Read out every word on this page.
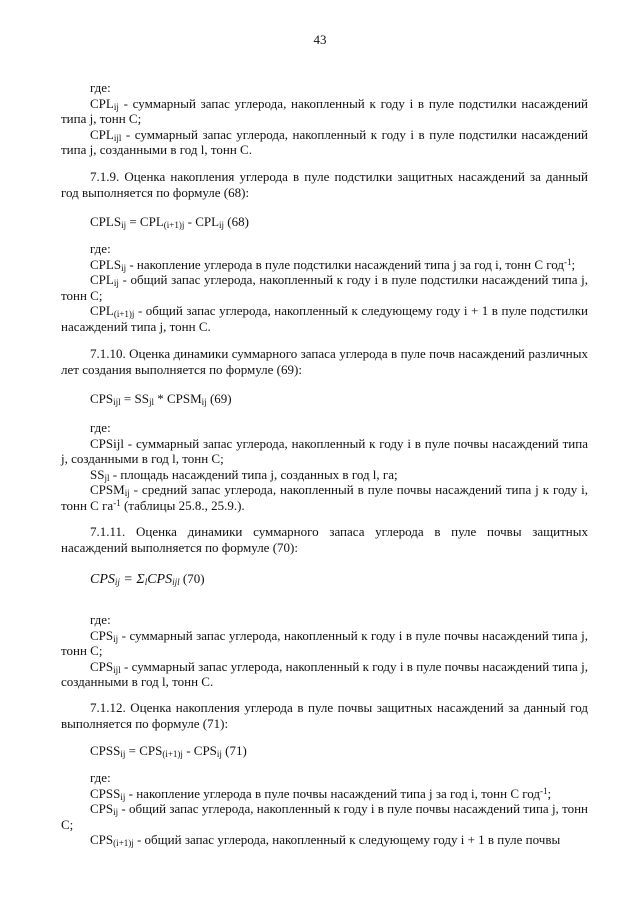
43

где:

$CPL_{ij}$ - суммарный запас углерода, накопленный к году i в пуле подстилки насаждений типа j, тонн С;

$CPL_{ijl}$ - суммарный запас углерода, накопленный к году i в пуле подстилки насаждений типа j, созданными в год l, тонн С.

7.1.9. Оценка накопления углерода в пуле подстилки защитных насаждений за данный год выполняется по формуле (68):

$CPLS_{ij} = CPL_{(i+1)j} - CPL_{ij}$ (68)

где:

$CPLS_{ij}$ - накопление углерода в пуле подстилки насаждений типа j за год i, тонн С год$^{-1}$;

$CPL_{ij}$ - общий запас углерода, накопленный к году i в пуле подстилки насаждений типа j, тонн С;

$CPL_{(i+1)j}$ - общий запас углерода, накопленный к следующему году i + 1 в пуле подстилки насаждений типа j, тонн С.

7.1.10. Оценка динамики суммарного запаса углерода в пуле почв насаждений различных лет создания выполняется по формуле (69):

$CPS_{ijl} = SS_{jl}$ * $CPSM_{ij}$ (69)

где:

CPSijl - суммарный запас углерода, накопленный к году i в пуле почвы насаждений типа j, созданными в год l, тонн С;

$SS_{jl}$ - площадь насаждений типа j, созданных в год l, га;

$CPSM_{ij}$ - средний запас углерода, накопленный в пуле почвы насаждений типа j к году i, тонн С $га^{-1}$ (таблицы 25.8., 25.9.).

7.1.11. Оценка динамики суммарного запаса углерода в пуле почвы защитных насаждений выполняется по формуле (70):

$CPS_{ij} = \Sigma_lCPS_{ijl}$ (70)

где:

$CPS_{ij}$ - суммарный запас углерода, накопленный к году i в пуле почвы насаждений типа j, тонн С;

$CPS_{ijl}$ - суммарный запас углерода, накопленный к году i в пуле почвы насаждений типа j, созданными в год l, тонн С.

7.1.12. Оценка накопления углерода в пуле почвы защитных насаждений за данный год выполняется по формуле (71):

$CPSS_{ij} = CPS_{(i+1)j} - CPS_{ij}$ (71)

где:

$CPSS_{ij}$ - накопление углерода в пуле почвы насаждений типа j за год i, тонн С год$^{-1}$;

$CPS_{ij}$ - общий запас углерода, накопленный к году i в пуле почвы насаждений типа j, тонн С;

$CPS_{(i+1)j}$ - общий запас углерода, накопленный к следующему году i + 1 в пуле почвы
